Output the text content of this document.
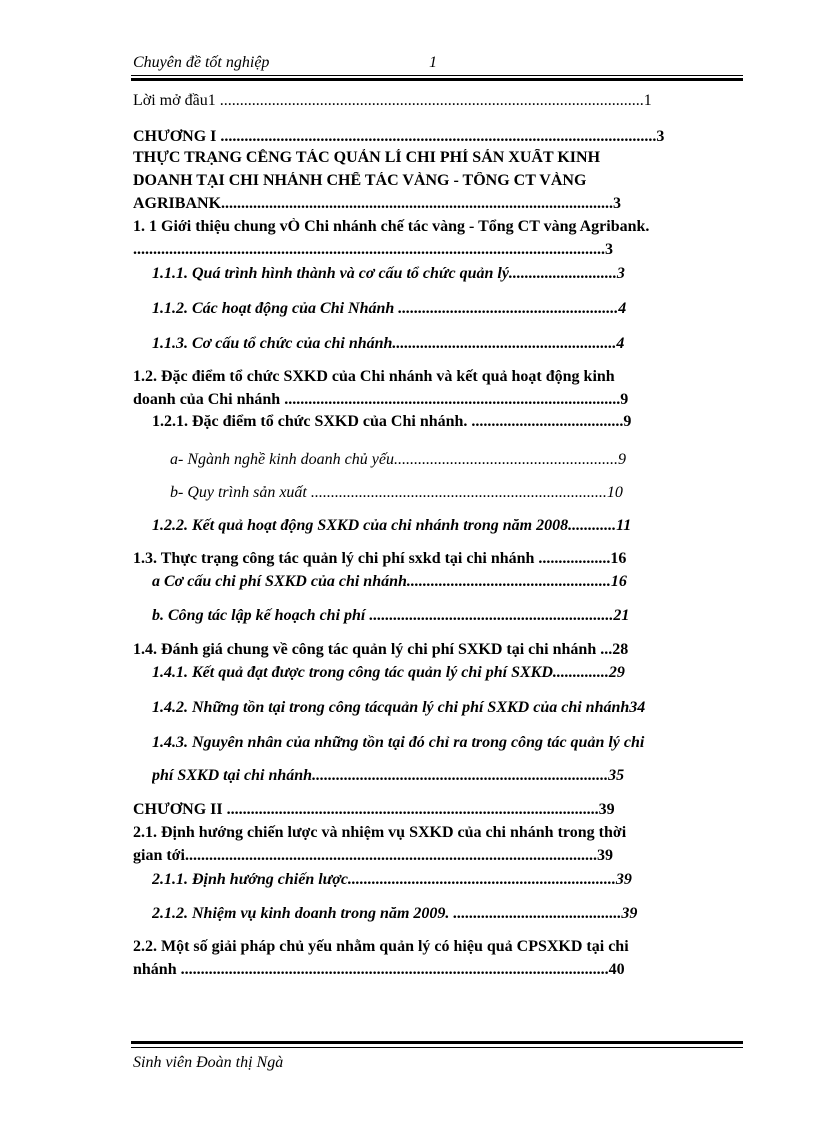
Chuyên đề tốt nghiệp	1
Lời mở đầu1 ..........................................................................................................1
CHƯƠNG I .............................................................................................................3
THỰC TRẠNG CỄNG TÁC QUẢN LÍ CHI PHÍ SẢN XUẤT KINH
DOANH TẠI CHI NHÁNH CHẾ TÁC VÀNG - TỔNG CT VÀNG
AGRIBANK..................................................................................................3
1. 1 Giới thiệu chung vÒ Chi nhánh chế tác vàng - Tổng CT vàng Agribank.
......................................................................................................................3
1.1.1. Quá trình hình thành và cơ cấu tổ chức quản lý...........................3
1.1.2. Các hoạt động của Chi Nhánh .......................................................4
1.1.3. Cơ cấu tổ chức của chi nhánh........................................................4
1.2. Đặc điểm tổ chức SXKD của Chi nhánh và kết quả hoạt động kinh
doanh của Chi nhánh ....................................................................................9
1.2.1. Đặc điểm tổ chức SXKD của Chi nhánh. ......................................9
a- Ngành nghề kinh doanh chủ yếu........................................................9
b- Quy trình sản xuất ..........................................................................10
1.2.2. Kết quả hoạt động SXKD của chi nhánh trong năm 2008............11
1.3. Thực trạng công tác quản lý chi phí sxkd tại chi nhánh ..................16
a Cơ cấu chi phí SXKD của chi nhánh...................................................16
b. Công tác lập kế hoạch chi phí .............................................................21
1.4. Đánh giá chung về công tác quản lý chi phí SXKD tại chi nhánh ...28
1.4.1. Kết quả đạt được trong công tác quản lý chi phí SXKD..............29
1.4.2. Những tồn tại trong công tácquản lý chi phí SXKD của chi nhánh34
1.4.3. Nguyên nhân của những tồn tại đó chỉ ra trong công tác quản lý chi
phí SXKD tại chi nhánh..........................................................................35
CHƯƠNG II .............................................................................................39
2.1. Định hướng chiến lược và nhiệm vụ SXKD của chi nhánh trong thời
gian tới.......................................................................................................39
2.1.1. Định hướng chiến lược...................................................................39
2.1.2. Nhiệm vụ kinh doanh trong năm 2009. ..........................................39
2.2. Một số giải pháp chủ yếu nhằm quản lý có hiệu quả CPSXKD tại chi
nhánh ...........................................................................................................40
Sinh viên Đoàn thị Ngà
